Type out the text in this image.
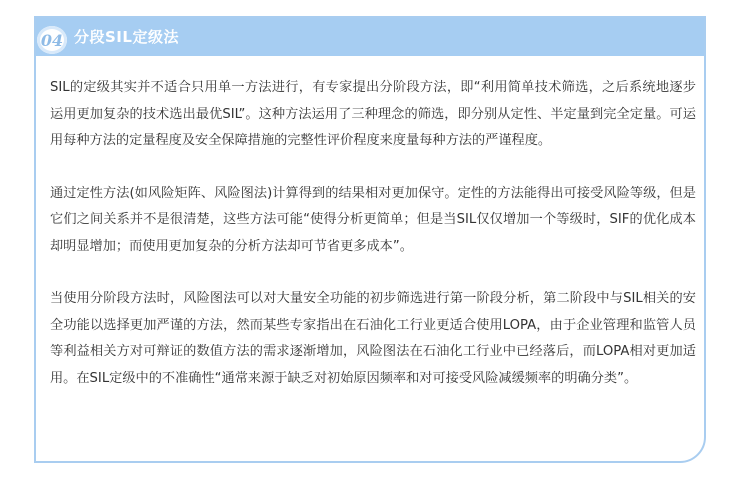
04 分段SIL定级法

SIL的定级其实并不适合只用单一方法进行，有专家提出分阶段方法，即“利用简单技术筛选，之后系统地逐步运用更加复杂的技术选出最优SIL”。这种方法运用了三种理念的筛选，即分别从定性、半定量到完全定量。可运用每种方法的定量程度及安全保障措施的完整性评价程度来度量每种方法的严谨程度。

通过定性方法(如风险矩阵、风险图法)计算得到的结果相对更加保守。定性的方法能得出可接受风险等级，但是它们之间关系并不是很清楚，这些方法可能“使得分析更简单；但是当SIL仅仅增加一个等级时，SIF的优化成本却明显增加；而使用更加复杂的分析方法却可节省更多成本”。

当使用分阶段方法时，风险图法可以对大量安全功能的初步筛选进行第一阶段分析，第二阶段中与SIL相关的安全功能以选择更加严谨的方法，然而某些专家指出在石油化工行业更适合使用LOPA，由于企业管理和监管人员等利益相关方对可辩证的数值方法的需求逐渐增加，风险图法在石油化工行业中已经落后，而LOPA相对更加适用。在SIL定级中的不准确性“通常来源于缺乏对初始原因频率和对可接受风险减缓频率的明确分类”。
